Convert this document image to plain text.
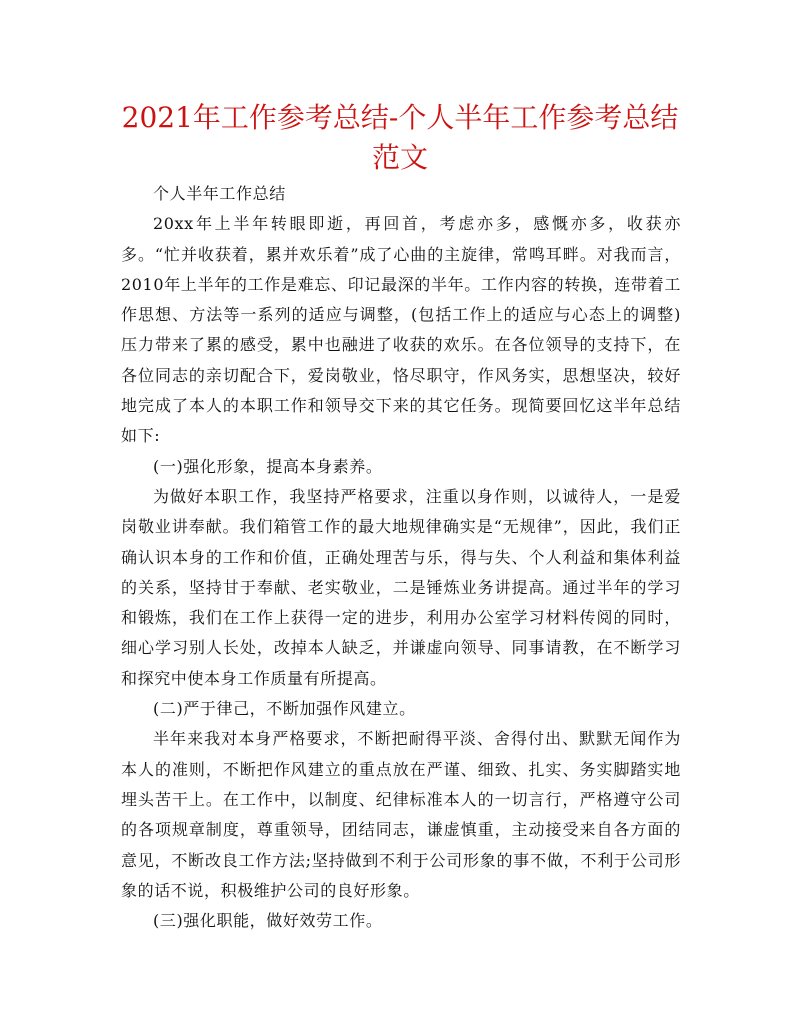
2021年工作参考总结-个人半年工作参考总结范文

个人半年工作总结

20xx年上半年转眼即逝，再回首，考虑亦多，感慨亦多，收获亦多。“忙并收获着，累并欢乐着”成了心曲的主旋律，常鸣耳畔。对我而言，2010年上半年的工作是难忘、印记最深的半年。工作内容的转换，连带着工作思想、方法等一系列的适应与调整，(包括工作上的适应与心态上的调整)压力带来了累的感受，累中也融进了收获的欢乐。在各位领导的支持下，在各位同志的亲切配合下，爱岗敬业，恪尽职守，作风务实，思想坚决，较好地完成了本人的本职工作和领导交下来的其它任务。现简要回忆这半年总结如下:

(一)强化形象，提高本身素养。

为做好本职工作，我坚持严格要求，注重以身作则，以诚待人，一是爱岗敬业讲奉献。我们箱管工作的最大地规律确实是“无规律”，因此，我们正确认识本身的工作和价值，正确处理苦与乐，得与失、个人利益和集体利益的关系，坚持甘于奉献、老实敬业，二是锤炼业务讲提高。通过半年的学习和锻炼，我们在工作上获得一定的进步，利用办公室学习材料传阅的同时，细心学习别人长处，改掉本人缺乏，并谦虚向领导、同事请教，在不断学习和探究中使本身工作质量有所提高。

(二)严于律己，不断加强作风建立。

半年来我对本身严格要求，不断把耐得平淡、舍得付出、默默无闻作为本人的准则，不断把作风建立的重点放在严谨、细致、扎实、务实脚踏实地埋头苦干上。在工作中，以制度、纪律标准本人的一切言行，严格遵守公司的各项规章制度，尊重领导，团结同志，谦虚慎重，主动接受来自各方面的意见，不断改良工作方法;坚持做到不利于公司形象的事不做，不利于公司形象的话不说，积极维护公司的良好形象。

(三)强化职能，做好效劳工作。
